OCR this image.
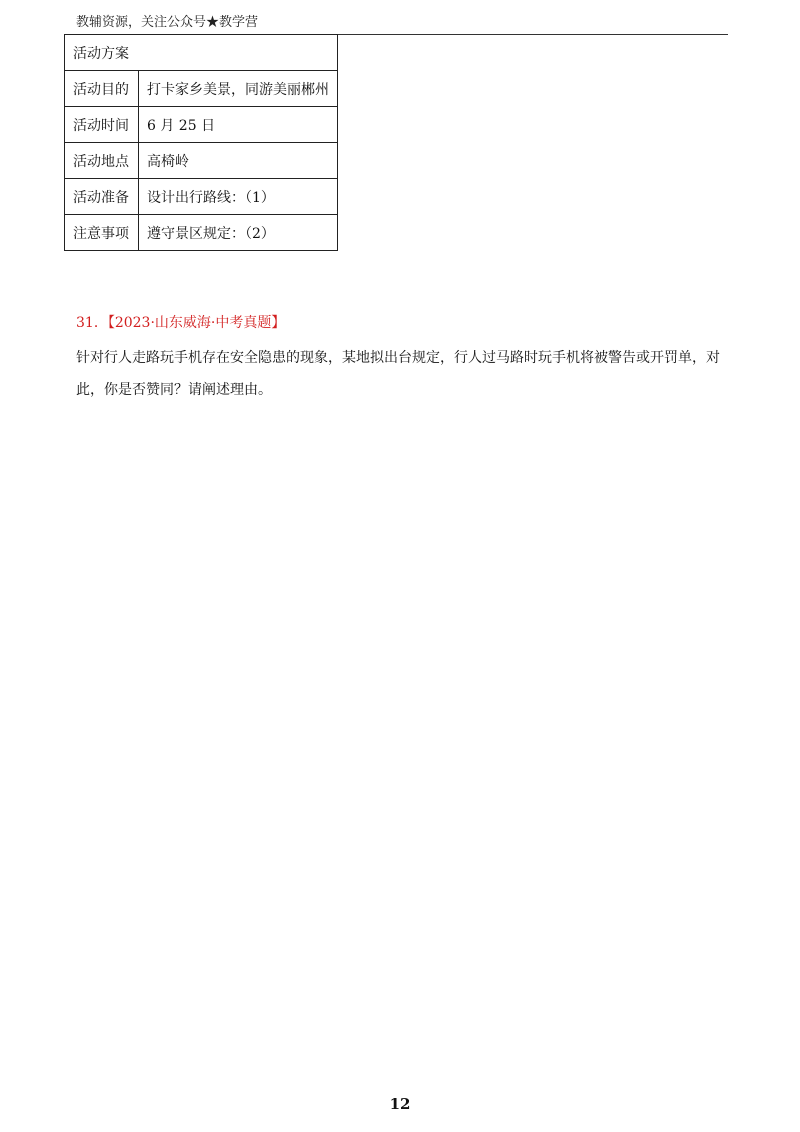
教辅资源，关注公众号★教学营
活动方案	
活动目的	打卡家乡美景，同游美丽郴州
活动时间	6 月 25 日
活动地点	高椅岭
活动准备	设计出行路线：（1）
注意事项	遵守景区规定：（2）
31．【2023·山东威海·中考真题】
针对行人走路玩手机存在安全隐患的现象，某地拟出台规定，行人过马路时玩手机将被警告或开罚单，对此，你是否赞同？请阐述理由。
12
